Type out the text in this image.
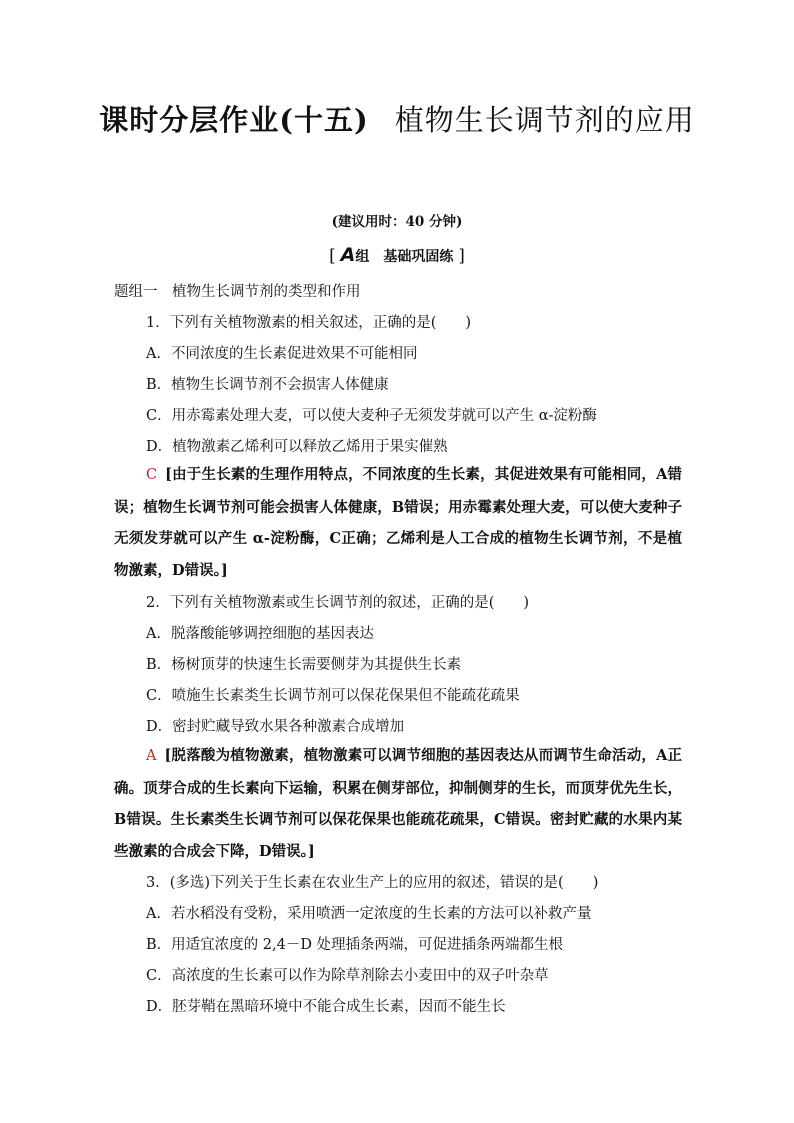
课时分层作业(十五) 植物生长调节剂的应用
(建议用时：40 分钟)
[ A组　基础巩固练 ]
题组一　植物生长调节剂的类型和作用
1．下列有关植物激素的相关叙述，正确的是(　　)
A．不同浓度的生长素促进效果不可能相同
B．植物生长调节剂不会损害人体健康
C．用赤霉素处理大麦，可以使大麦种子无须发芽就可以产生 α-淀粉酶
D．植物激素乙烯利可以释放乙烯用于果实催熟
C [由于生长素的生理作用特点，不同浓度的生长素，其促进效果有可能相同，A错误；植物生长调节剂可能会损害人体健康，B错误；用赤霉素处理大麦，可以使大麦种子无须发芽就可以产生 α-淀粉酶，C正确；乙烯利是人工合成的植物生长调节剂，不是植物激素，D错误。]
2．下列有关植物激素或生长调节剂的叙述，正确的是(　　)
A．脱落酸能够调控细胞的基因表达
B．杨树顶芽的快速生长需要侧芽为其提供生长素
C．喷施生长素类生长调节剂可以保花保果但不能疏花疏果
D．密封贮藏导致水果各种激素合成增加
A [脱落酸为植物激素，植物激素可以调节细胞的基因表达从而调节生命活动，A正确。顶芽合成的生长素向下运输，积累在侧芽部位，抑制侧芽的生长，而顶芽优先生长，B错误。生长素类生长调节剂可以保花保果也能疏花疏果，C错误。密封贮藏的水果内某些激素的合成会下降，D错误。]
3．(多选)下列关于生长素在农业生产上的应用的叙述，错误的是(　　)
A．若水稻没有受粉，采用喷洒一定浓度的生长素的方法可以补救产量
B．用适宜浓度的 2,4－D 处理插条两端，可促进插条两端都生根
C．高浓度的生长素可以作为除草剂除去小麦田中的双子叶杂草
D．胚芽鞘在黑暗环境中不能合成生长素，因而不能生长
